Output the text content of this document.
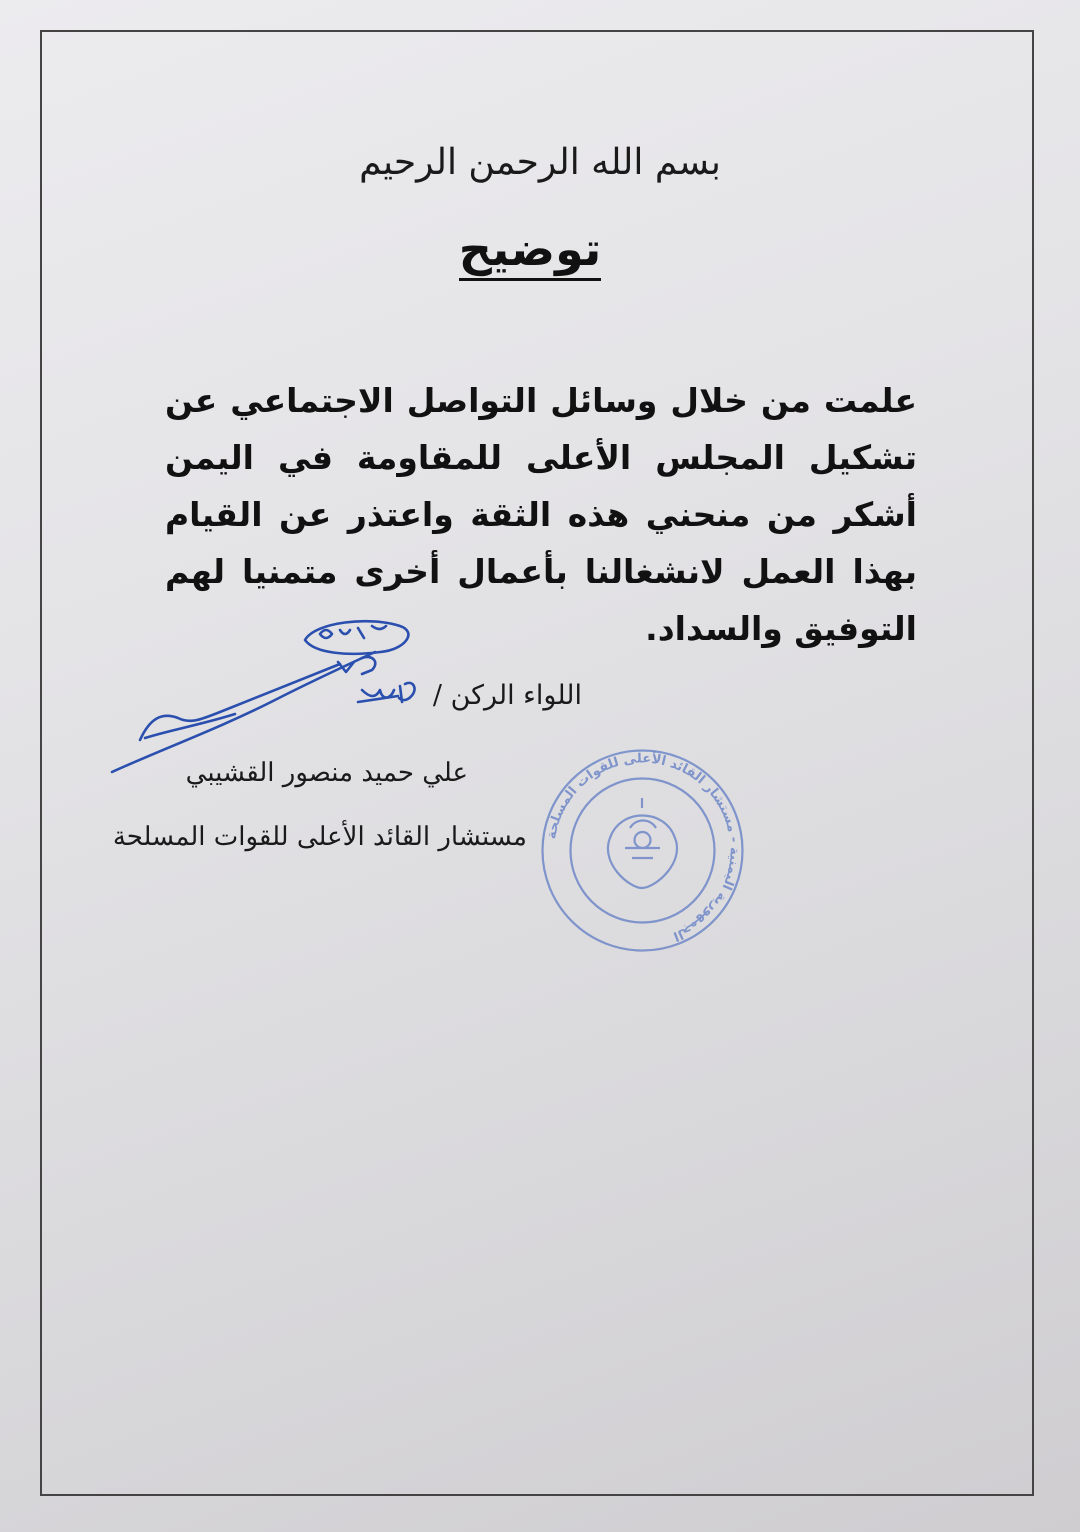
بسم الله الرحمن الرحيم
توضيح
علمت من خلال وسائل التواصل الاجتماعي عن تشكيل المجلس الأعلى للمقاومة في اليمن أشكر من منحني هذه الثقة واعتذر عن القيام بهذا العمل لانشغالنا بأعمال أخرى متمنيا لهم التوفيق والسداد.
اللواء الركن /
علي حميد منصور القشيبي
مستشار القائد الأعلى للقوات المسلحة الجمهورية اليمنية - مستشار القائد الأعلى للقوات المسلحة
